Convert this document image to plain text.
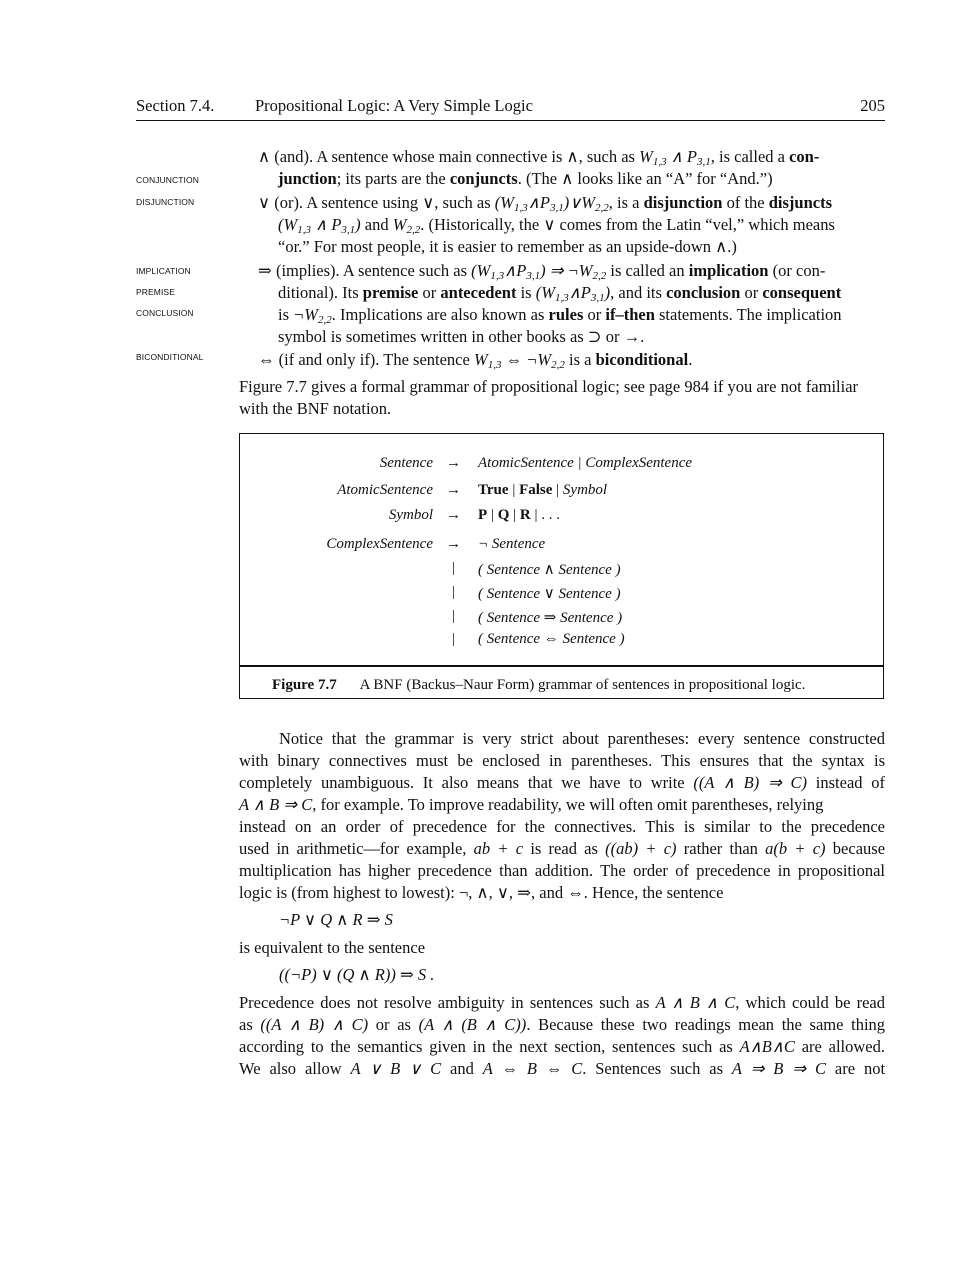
Section 7.4. Propositional Logic: A Very Simple Logic	205
CONJUNCTION
DISJUNCTION
IMPLICATION
PREMISE
CONCLUSION
BICONDITIONAL
∧ (and). A sentence whose main connective is ∧, such as $W_{1,3}$ ∧ $P_{3,1}$, is called a con-
junction; its parts are the conjuncts. (The ∧ looks like an “A” for “And.”)
∨ (or). A sentence using ∨, such as $(W_{1,3}\wedge P_{3,1})\vee W_{2,2}$, is a disjunction of the disjuncts
($W_{1,3}$ ∧ $P_{3,1}$) and $W_{2,2}$. (Historically, the ∨ comes from the Latin “vel,” which means
“or.” For most people, it is easier to remember as an upside-down ∧.)
⇒ (implies). A sentence such as $(W_{1,3}\wedge P_{3,1})$ ⇒ $\neg W_{2,2}$ is called an implication (or con-
ditional). Its premise or antecedent is $(W_{1,3}\wedge P_{3,1})$, and its conclusion or consequent
is $\neg W_{2,2}$. Implications are also known as rules or if–then statements. The implication
symbol is sometimes written in other books as ⊃ or →.
⇔ (if and only if). The sentence $W_{1,3}$ ⇔ $\neg W_{2,2}$ is a biconditional.
Figure 7.7 gives a formal grammar of propositional logic; see page 984 if you are not familiar
with the BNF notation.
Sentence → AtomicSentence | ComplexSentence
AtomicSentence → True | False | Symbol
Symbol → P | Q | R | . . .
ComplexSentence → ¬ Sentence
| ( Sentence ∧ Sentence )
| ( Sentence ∨ Sentence )
| ( Sentence ⇒ Sentence )
| ( Sentence ⇔ Sentence )
Figure 7.7 A BNF (Backus–Naur Form) grammar of sentences in propositional logic.
Notice that the grammar is very strict about parentheses: every sentence constructed
with binary connectives must be enclosed in parentheses. This ensures that the syntax is
completely unambiguous. It also means that we have to write ((A ∧ B) ⇒ C) instead of
A ∧ B ⇒ C, for example. To improve readability, we will often omit parentheses, relying
instead on an order of precedence for the connectives. This is similar to the precedence
used in arithmetic—for example, ab + c is read as ((ab) + c) rather than a(b + c) because
multiplication has higher precedence than addition. The order of precedence in propositional
logic is (from highest to lowest): ¬, ∧, ∨, ⇒, and ⇔. Hence, the sentence
¬P ∨ Q ∧ R ⇒ S
is equivalent to the sentence
((¬P) ∨ (Q ∧ R)) ⇒ S .
Precedence does not resolve ambiguity in sentences such as A ∧ B ∧ C, which could be read
as ((A ∧ B) ∧ C) or as (A ∧ (B ∧ C)). Because these two readings mean the same thing
according to the semantics given in the next section, sentences such as A∧B∧C are allowed.
We also allow A ∨ B ∨ C and A ⇔ B ⇔ C. Sentences such as A ⇒ B ⇒ C are not
